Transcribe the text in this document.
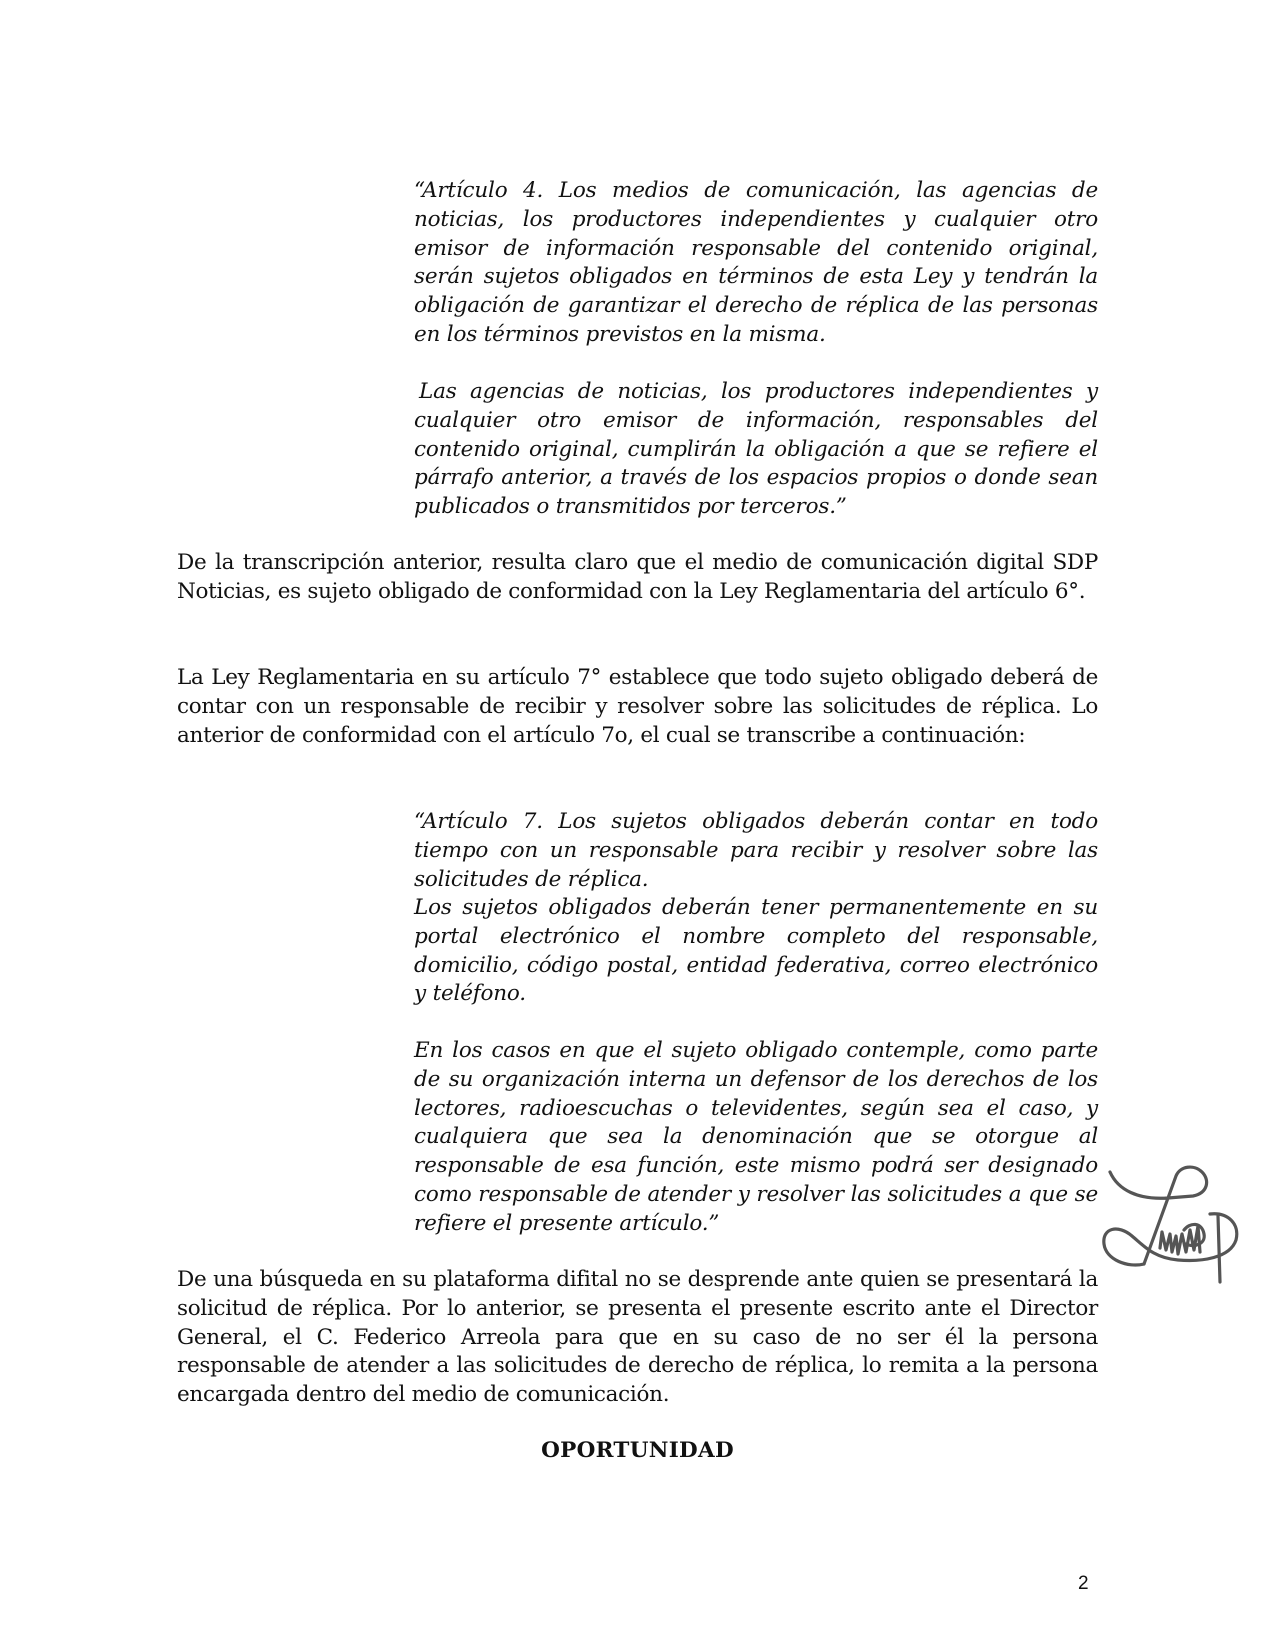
“Artículo 4. Los medios de comunicación, las agencias de noticias, los productores independientes y cualquier otro emisor de información responsable del contenido original, serán sujetos obligados en términos de esta Ley y tendrán la obligación de garantizar el derecho de réplica de las personas en los términos previstos en la misma.

Las agencias de noticias, los productores independientes y cualquier otro emisor de información, responsables del contenido original, cumplirán la obligación a que se refiere el párrafo anterior, a través de los espacios propios o donde sean publicados o transmitidos por terceros.”

De la transcripción anterior, resulta claro que el medio de comunicación digital SDP Noticias, es sujeto obligado de conformidad con la Ley Reglamentaria del artículo 6°.

La Ley Reglamentaria en su artículo 7° establece que todo sujeto obligado deberá de contar con un responsable de recibir y resolver sobre las solicitudes de réplica. Lo anterior de conformidad con el artículo 7o, el cual se transcribe a continuación:

“Artículo 7. Los sujetos obligados deberán contar en todo tiempo con un responsable para recibir y resolver sobre las solicitudes de réplica.

Los sujetos obligados deberán tener permanentemente en su portal electrónico el nombre completo del responsable, domicilio, código postal, entidad federativa, correo electrónico y teléfono.

En los casos en que el sujeto obligado contemple, como parte de su organización interna un defensor de los derechos de los lectores, radioescuchas o televidentes, según sea el caso, y cualquiera que sea la denominación que se otorgue al responsable de esa función, este mismo podrá ser designado como responsable de atender y resolver las solicitudes a que se refiere el presente artículo.”

De una búsqueda en su plataforma difital no se desprende ante quien se presentará la solicitud de réplica. Por lo anterior, se presenta el presente escrito ante el Director General, el C. Federico Arreola para que en su caso de no ser él la persona responsable de atender a las solicitudes de derecho de réplica, lo remita a la persona encargada dentro del medio de comunicación.

OPORTUNIDAD

2
